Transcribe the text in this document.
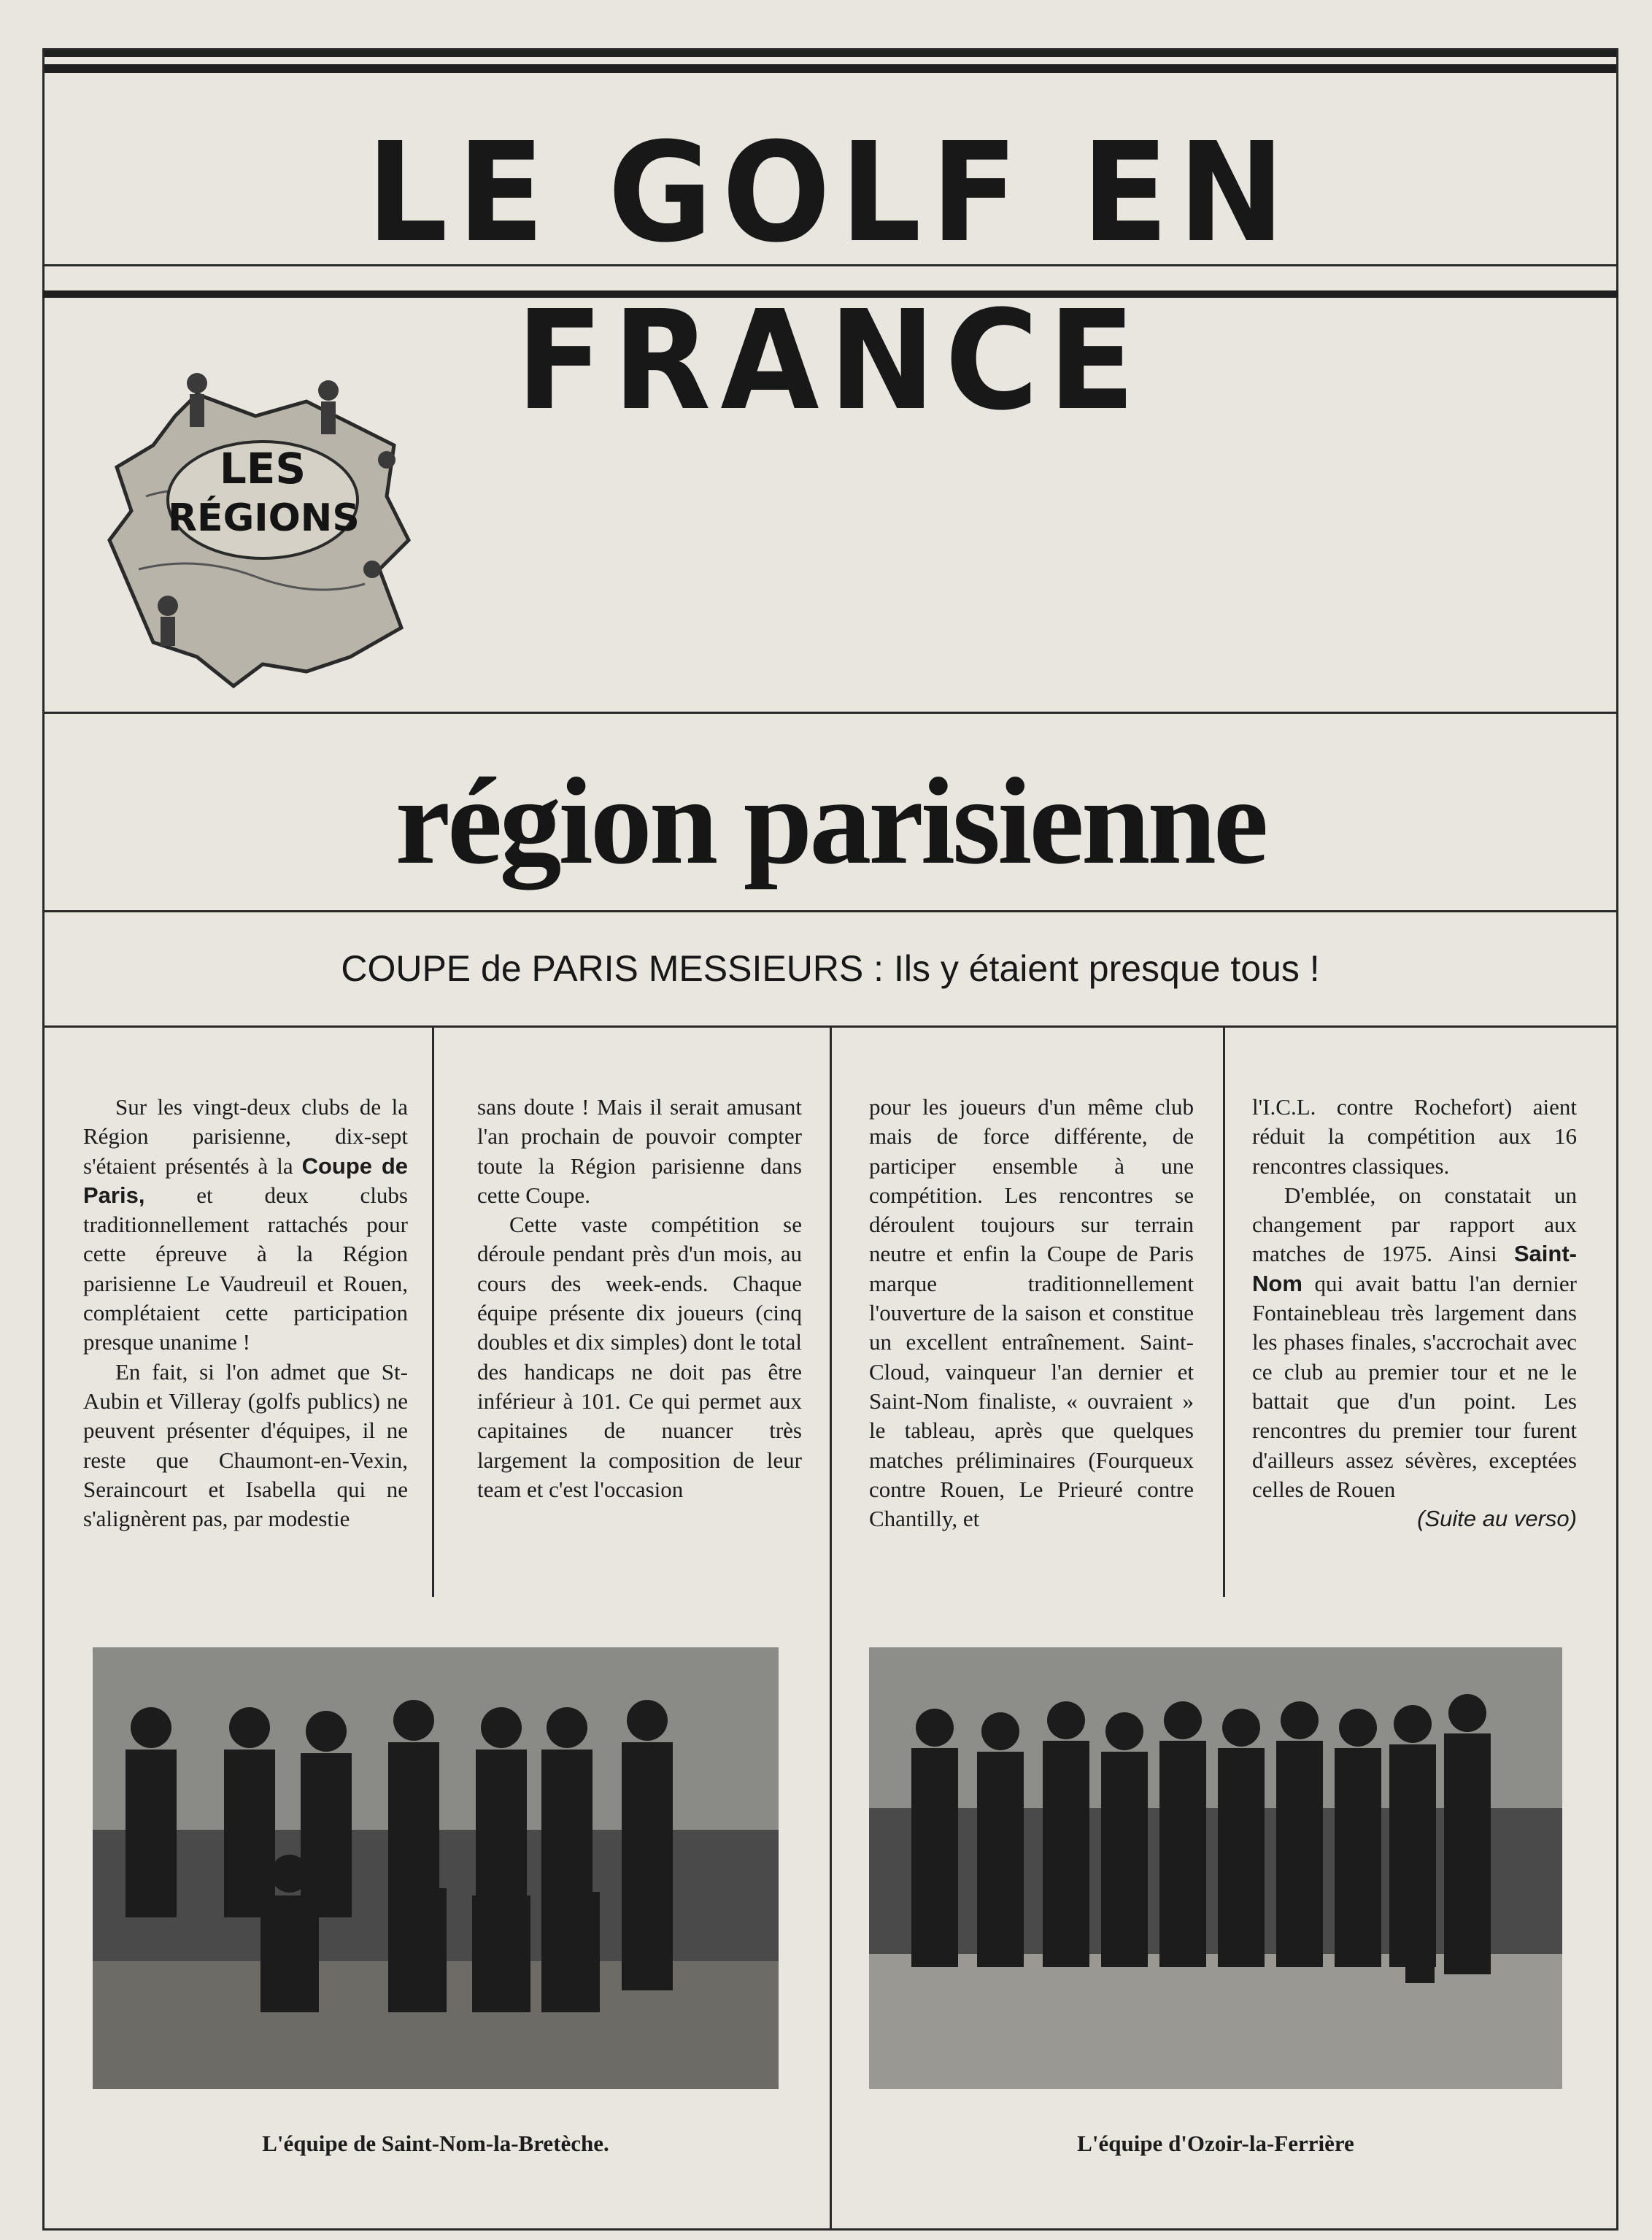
LE GOLF EN FRANCE
LES
RÉGIONS
région parisienne
COUPE de PARIS MESSIEURS : Ils y étaient presque tous !

Sur les vingt-deux clubs de la Région parisienne, dix-sept s'étaient présentés à la Coupe de Paris, et deux clubs traditionnellement rattachés pour cette épreuve à la Région parisienne Le Vaudreuil et Rouen, complétaient cette participation presque unanime !

En fait, si l'on admet que St-Aubin et Villeray (golfs publics) ne peuvent présenter d'équipes, il ne reste que Chaumont-en-Vexin, Seraincourt et Isabella qui ne s'alignèrent pas, par modestie

sans doute ! Mais il serait amusant l'an prochain de pouvoir compter toute la Région parisienne dans cette Coupe.

Cette vaste compétition se déroule pendant près d'un mois, au cours des week-ends. Chaque équipe présente dix joueurs (cinq doubles et dix simples) dont le total des handicaps ne doit pas être inférieur à 101. Ce qui permet aux capitaines de nuancer très largement la composition de leur team et c'est l'occasion

pour les joueurs d'un même club mais de force différente, de participer ensemble à une compétition. Les rencontres se déroulent toujours sur terrain neutre et enfin la Coupe de Paris marque traditionnellement l'ouverture de la saison et constitue un excellent entraînement. Saint-Cloud, vainqueur l'an dernier et Saint-Nom finaliste, « ouvraient » le tableau, après que quelques matches préliminaires (Fourqueux contre Rouen, Le Prieuré contre Chantilly, et

l'I.C.L. contre Rochefort) aient réduit la compétition aux 16 rencontres classiques.

D'emblée, on constatait un changement par rapport aux matches de 1975. Ainsi Saint-Nom qui avait battu l'an dernier Fontainebleau très largement dans les phases finales, s'accrochait avec ce club au premier tour et ne le battait que d'un point. Les rencontres du premier tour furent d'ailleurs assez sévères, exceptées celles de Rouen

(Suite au verso)
L'équipe de Saint-Nom-la-Bretèche.	L'équipe d'Ozoir-la-Ferrière
